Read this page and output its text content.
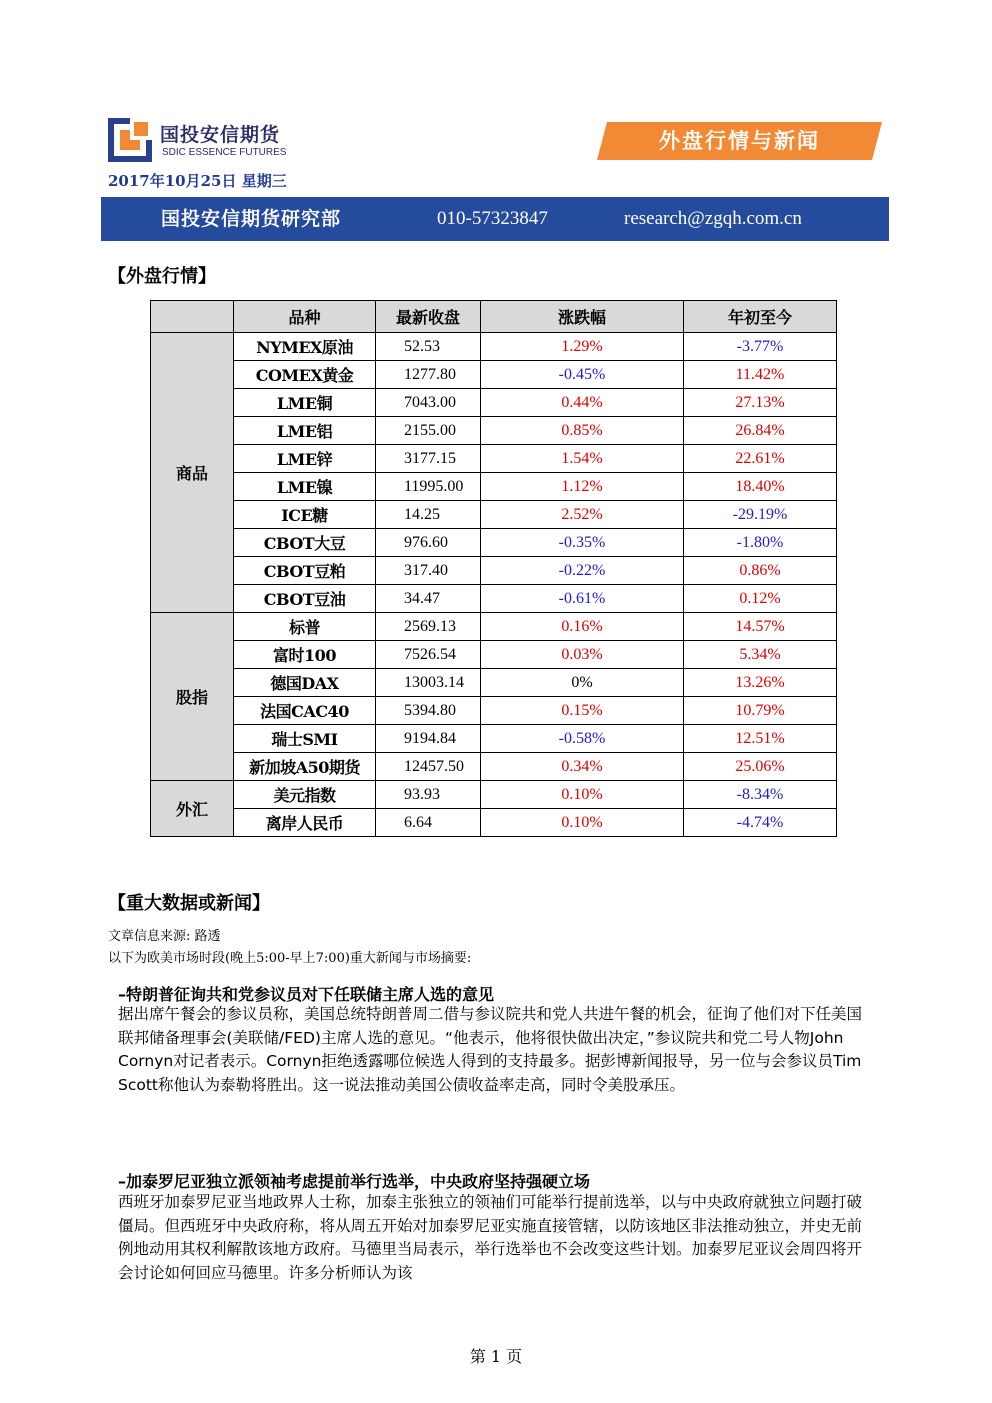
国投安信期货
SDIC ESSENCE FUTURES	外盘行情与新闻
2017年10月25日 星期三
国投安信期货研究部	010-57323847	research@zgqh.com.cn
【外盘行情】
	品种	最新收盘	涨跌幅	年初至今
商品	NYMEX原油	52.53	1.29%	-3.77%
	COMEX黄金	1277.80	-0.45%	11.42%
	LME铜	7043.00	0.44%	27.13%
	LME铝	2155.00	0.85%	26.84%
	LME锌	3177.15	1.54%	22.61%
	LME镍	11995.00	1.12%	18.40%
	ICE糖	14.25	2.52%	-29.19%
	CBOT大豆	976.60	-0.35%	-1.80%
	CBOT豆粕	317.40	-0.22%	0.86%
	CBOT豆油	34.47	-0.61%	0.12%
股指	标普	2569.13	0.16%	14.57%
	富时100	7526.54	0.03%	5.34%
	德国DAX	13003.14	0%	13.26%
	法国CAC40	5394.80	0.15%	10.79%
	瑞士SMI	9194.84	-0.58%	12.51%
	新加坡A50期货	12457.50	0.34%	25.06%
外汇	美元指数	93.93	0.10%	-8.34%
	离岸人民币	6.64	0.10%	-4.74%
【重大数据或新闻】
文章信息来源: 路透
以下为欧美市场时段(晚上5:00-早上7:00)重大新闻与市场摘要:
–特朗普征询共和党参议员对下任联储主席人选的意见
据出席午餐会的参议员称，美国总统特朗普周二借与参议院共和党人共进午餐的机会，征询了他们对下任美国联邦储备理事会(美联储/FED)主席人选的意见。“他表示，他将很快做出决定，”参议院共和党二号人物John Cornyn对记者表示。Cornyn拒绝透露哪位候选人得到的支持最多。据彭博新闻报导，另一位与会参议员Tim Scott称他认为泰勒将胜出。这一说法推动美国公债收益率走高，同时令美股承压。
–加泰罗尼亚独立派领袖考虑提前举行选举，中央政府坚持强硬立场
西班牙加泰罗尼亚当地政界人士称，加泰主张独立的领袖们可能举行提前选举，以与中央政府就独立问题打破僵局。但西班牙中央政府称，将从周五开始对加泰罗尼亚实施直接管辖，以防该地区非法推动独立，并史无前例地动用其权利解散该地方政府。马德里当局表示，举行选举也不会改变这些计划。加泰罗尼亚议会周四将开会讨论如何回应马德里。许多分析师认为该
第 1 页
